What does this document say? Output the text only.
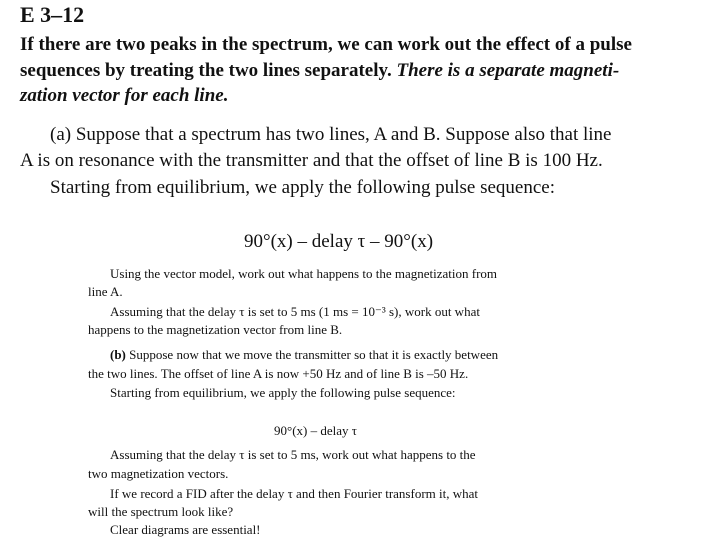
E 3–12
If there are two peaks in the spectrum, we can work out the effect of a pulse
sequences by treating the two lines separately. There is a separate magneti-
zation vector for each line.
(a) Suppose that a spectrum has two lines, A and B. Suppose also that line
A is on resonance with the transmitter and that the offset of line B is 100 Hz.
Starting from equilibrium, we apply the following pulse sequence:
90°(x) – delay τ – 90°(x)
Using the vector model, work out what happens to the magnetization from
line A.
Assuming that the delay τ is set to 5 ms (1 ms = 10⁻³ s), work out what
happens to the magnetization vector from line B.
(b) Suppose now that we move the transmitter so that it is exactly between
the two lines. The offset of line A is now +50 Hz and of line B is –50 Hz.
Starting from equilibrium, we apply the following pulse sequence:
90°(x) – delay τ
Assuming that the delay τ is set to 5 ms, work out what happens to the
two magnetization vectors.
If we record a FID after the delay τ and then Fourier transform it, what
will the spectrum look like?
Clear diagrams are essential!
